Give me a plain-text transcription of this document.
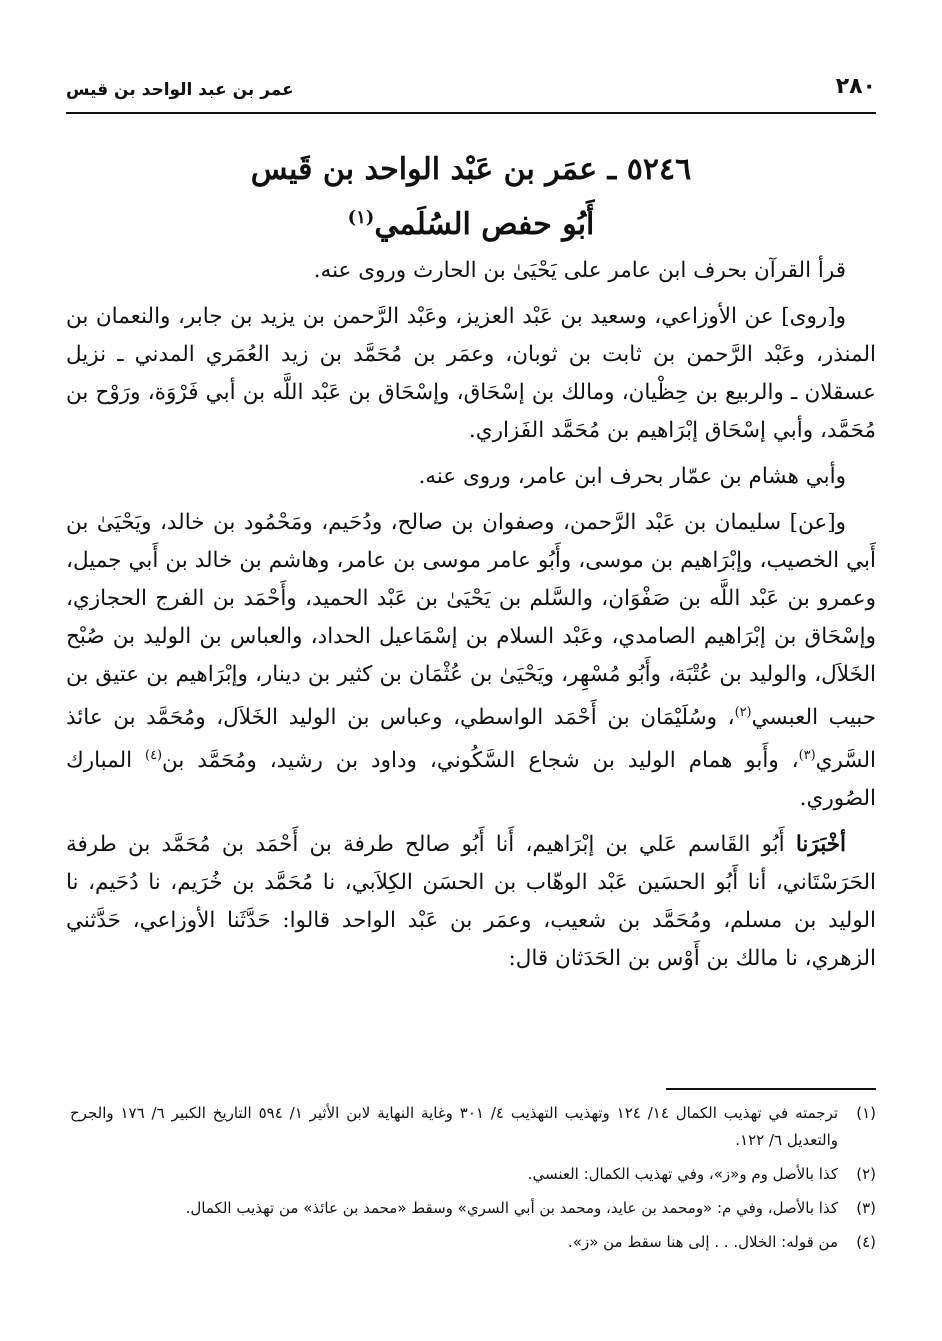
٢٨٠
عمر بن عبد الواحد بن قيس
٥٢٤٦ ـ عمَر بن عَبْد الواحد بن قَيس
أَبُو حفص السُلَمي$^{(١)}$

قرأ القرآن بحرف ابن عامر على يَحْيَىٰ بن الحارث وروى عنه.

و[روى] عن الأوزاعي، وسعيد بن عَبْد العزيز، وعَبْد الرَّحمن بن يزيد بن جابر، والنعمان بن المنذر، وعَبْد الرَّحمن بن ثابت بن ثوبان، وعمَر بن مُحَمَّد بن زيد العُمَري المدني ـ نزيل عسقلان ـ والربيع بن حِظْيان، ومالك بن إسْحَاق، وإسْحَاق بن عَبْد اللَّه بن أبي فَرْوَة، ورَوْح بن مُحَمَّد، وأبي إسْحَاق إبْرَاهيم بن مُحَمَّد الفَزاري.

وأبي هشام بن عمّار بحرف ابن عامر، وروى عنه.

و[عن] سليمان بن عَبْد الرَّحمن، وصفوان بن صالح، ودُحَيم، ومَحْمُود بن خالد، ويَحْيَىٰ بن أَبي الخصيب، وإبْرَاهيم بن موسى، وأَبُو عامر موسى بن عامر، وهاشم بن خالد بن أَبي جميل، وعمرو بن عَبْد اللَّه بن صَفْوَان، والسَّلم بن يَحْيَىٰ بن عَبْد الحميد، وأَحْمَد بن الفرج الحجازي، وإسْحَاق بن إبْرَاهيم الصامدي، وعَبْد السلام بن إسْمَاعيل الحداد، والعباس بن الوليد بن صُبْح الخَلاَل، والوليد بن عُتْبَة، وأَبُو مُسْهِر، ويَحْيَىٰ بن عُثْمَان بن كثير بن دينار، وإبْرَاهيم بن عتيق بن حبيب العبسي$^{(٢)}$، وسُلَيْمَان بن أَحْمَد الواسطي، وعباس بن الوليد الخَلاَل، ومُحَمَّد بن عائذ السَّري$^{(٣)}$، وأَبو همام الوليد بن شجاع السَّكُوني، وداود بن رشيد، ومُحَمَّد بن$^{(٤)}$ المبارك الصُوري.

أخْبَرَنا أَبُو القَاسم عَلي بن إبْرَاهيم، أَنا أَبُو صالح طرفة بن أَحْمَد بن مُحَمَّد بن طرفة الحَرَسْتَاني، أنا أَبُو الحسَين عَبْد الوهّاب بن الحسَن الكِلاَبي، نا مُحَمَّد بن خُرَيم، نا دُحَيم، نا الوليد بن مسلم، ومُحَمَّد بن شعيب، وعمَر بن عَبْد الواحد قالوا: حَدَّثَنا الأوزاعي، حَدَّثني الزهري، نا مالك بن أَوْس بن الحَدَثان قال:

(١)
ترجمته في تهذيب الكمال ١٤/ ١٢٤ وتهذيب التهذيب ٤/ ٣٠١ وغاية النهاية لابن الأثير ١/ ٥٩٤ التاريخ الكبير ٦/ ١٧٦ والجرح والتعديل ٦/ ١٢٢.
(٢)
كذا بالأصل وم و«ز»، وفي تهذيب الكمال: العنسي.
(٣)
كذا بالأصل، وفي م: «ومحمد بن عايد، ومحمد بن أبي السري» وسقط «محمد بن عائذ» من تهذيب الكمال.
(٤)
من قوله: الخلال. . . إلى هنا سقط من «ز».
